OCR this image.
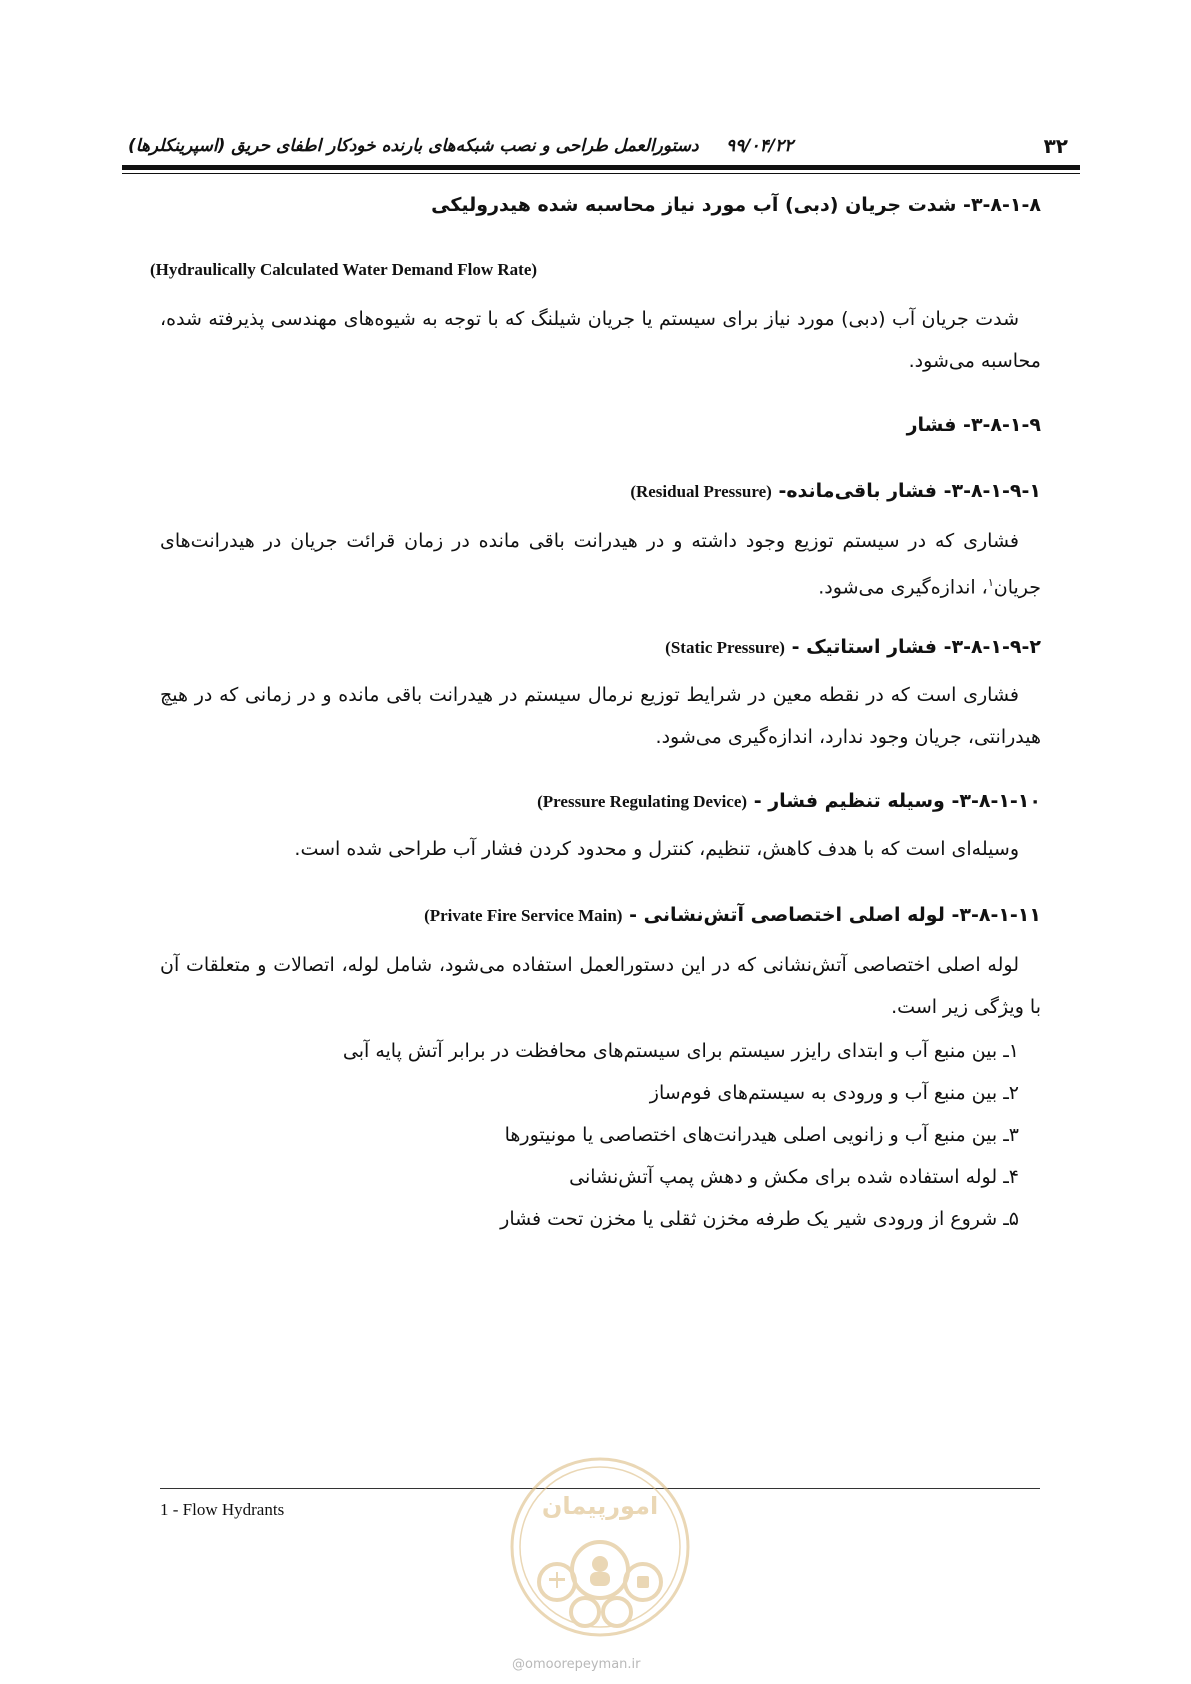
۳۲
۹۹/۰۴/۲۲
دستورالعمل طراحی و نصب شبکه‌های بارنده خودکار اطفای حریق (اسپرینکلرها)
۳-۸-۱-۸- شدت جریان (دبی) آب مورد نیاز محاسبه شده هیدرولیکی
(Hydraulically Calculated Water Demand Flow Rate)
شدت جریان آب (دبی) مورد نیاز برای سیستم یا جریان شیلنگ که با توجه به شیوه‌های مهندسی پذیرفته شده، محاسبه می‌شود.
۳-۸-۱-۹- فشار
۳-۸-۱-۹-۱- فشار باقی‌مانده- (Residual Pressure)
فشاری که در سیستم توزیع وجود داشته و در هیدرانت باقی مانده در زمان قرائت جریان در هیدرانت‌های جریان$^۱$، اندازه‌گیری می‌شود.
۳-۸-۱-۹-۲- فشار استاتیک - (Static Pressure)
فشاری است که در نقطه معین در شرایط توزیع نرمال سیستم در هیدرانت باقی مانده و در زمانی که در هیچ هیدرانتی، جریان وجود ندارد، اندازه‌گیری می‌شود.
۳-۸-۱-۱۰- وسیله تنظیم فشار - (Pressure Regulating Device)
وسیله‌ای است که با هدف کاهش، تنظیم، کنترل و محدود کردن فشار آب طراحی شده است.
۳-۸-۱-۱۱- لوله اصلی اختصاصی آتش‌نشانی - (Private Fire Service Main)
لوله اصلی اختصاصی آتش‌نشانی که در این دستورالعمل استفاده می‌شود، شامل لوله، اتصالات و متعلقات آن با ویژگی زیر است.
۱ـ بین منبع آب و ابتدای رایزر سیستم برای سیستم‌های محافظت در برابر آتش پایه آبی
۲ـ بین منبع آب و ورودی به سیستم‌های فوم‌ساز
۳ـ بین منبع آب و زانویی اصلی هیدرانت‌های اختصاصی یا مونیتورها
۴ـ لوله استفاده شده برای مکش و دهش پمپ آتش‌نشانی
۵ـ شروع از ورودی شیر یک طرفه مخزن ثقلی یا مخزن تحت فشار
1 - Flow Hydrants	امورپیمان
@omoorepeyman.ir
